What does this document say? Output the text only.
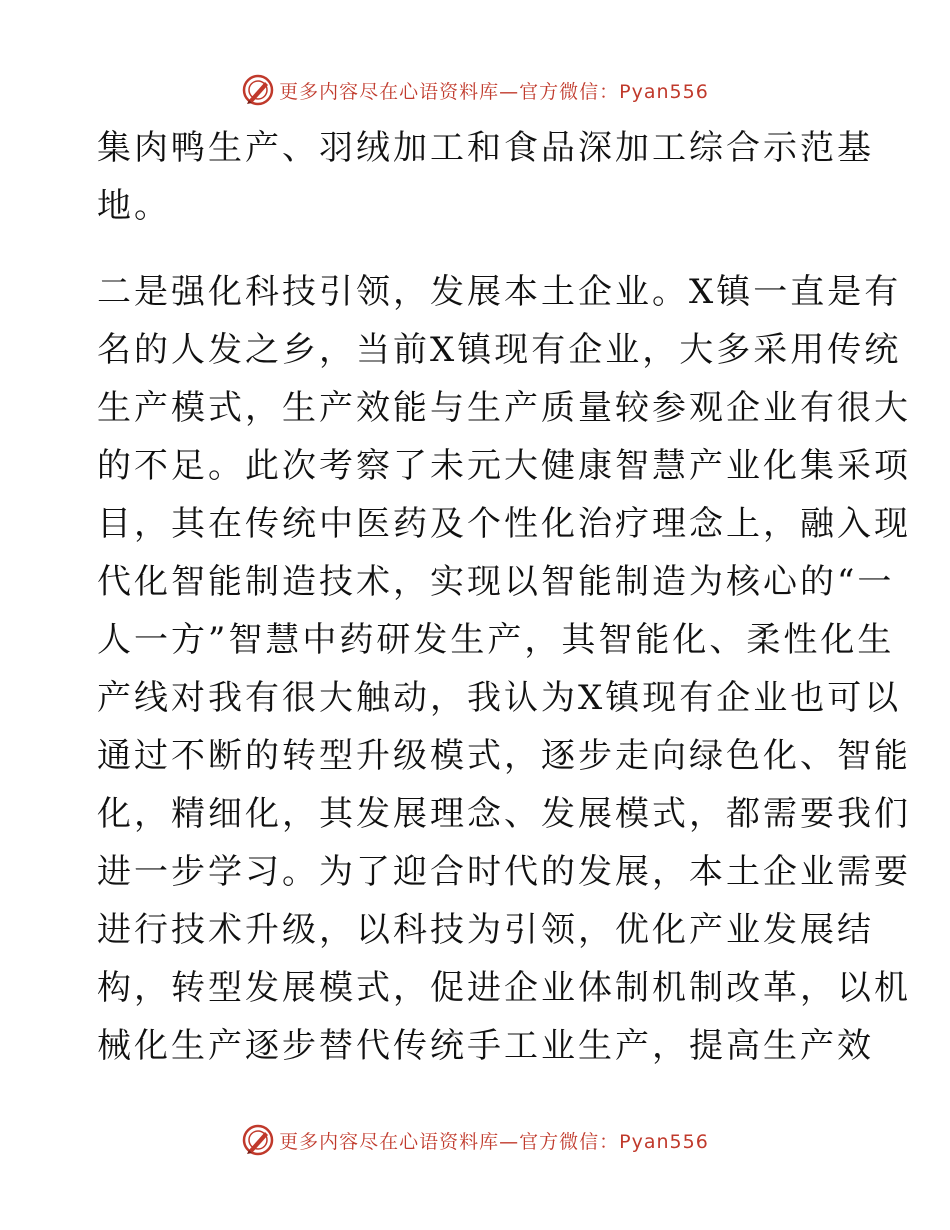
更多内容尽在心语资料库—官方微信：Pyan556
集肉鸭生产、羽绒加工和食品深加工综合示范基
地。
二是强化科技引领，发展本土企业。X镇一直是有
名的人发之乡，当前X镇现有企业，大多采用传统
生产模式，生产效能与生产质量较参观企业有很大
的不足。此次考察了未元大健康智慧产业化集采项
目，其在传统中医药及个性化治疗理念上，融入现
代化智能制造技术，实现以智能制造为核心的“一
人一方”智慧中药研发生产，其智能化、柔性化生
产线对我有很大触动，我认为X镇现有企业也可以
通过不断的转型升级模式，逐步走向绿色化、智能
化，精细化，其发展理念、发展模式，都需要我们
进一步学习。为了迎合时代的发展，本土企业需要
进行技术升级，以科技为引领，优化产业发展结
构，转型发展模式，促进企业体制机制改革，以机
械化生产逐步替代传统手工业生产，提高生产效
更多内容尽在心语资料库—官方微信：Pyan556
